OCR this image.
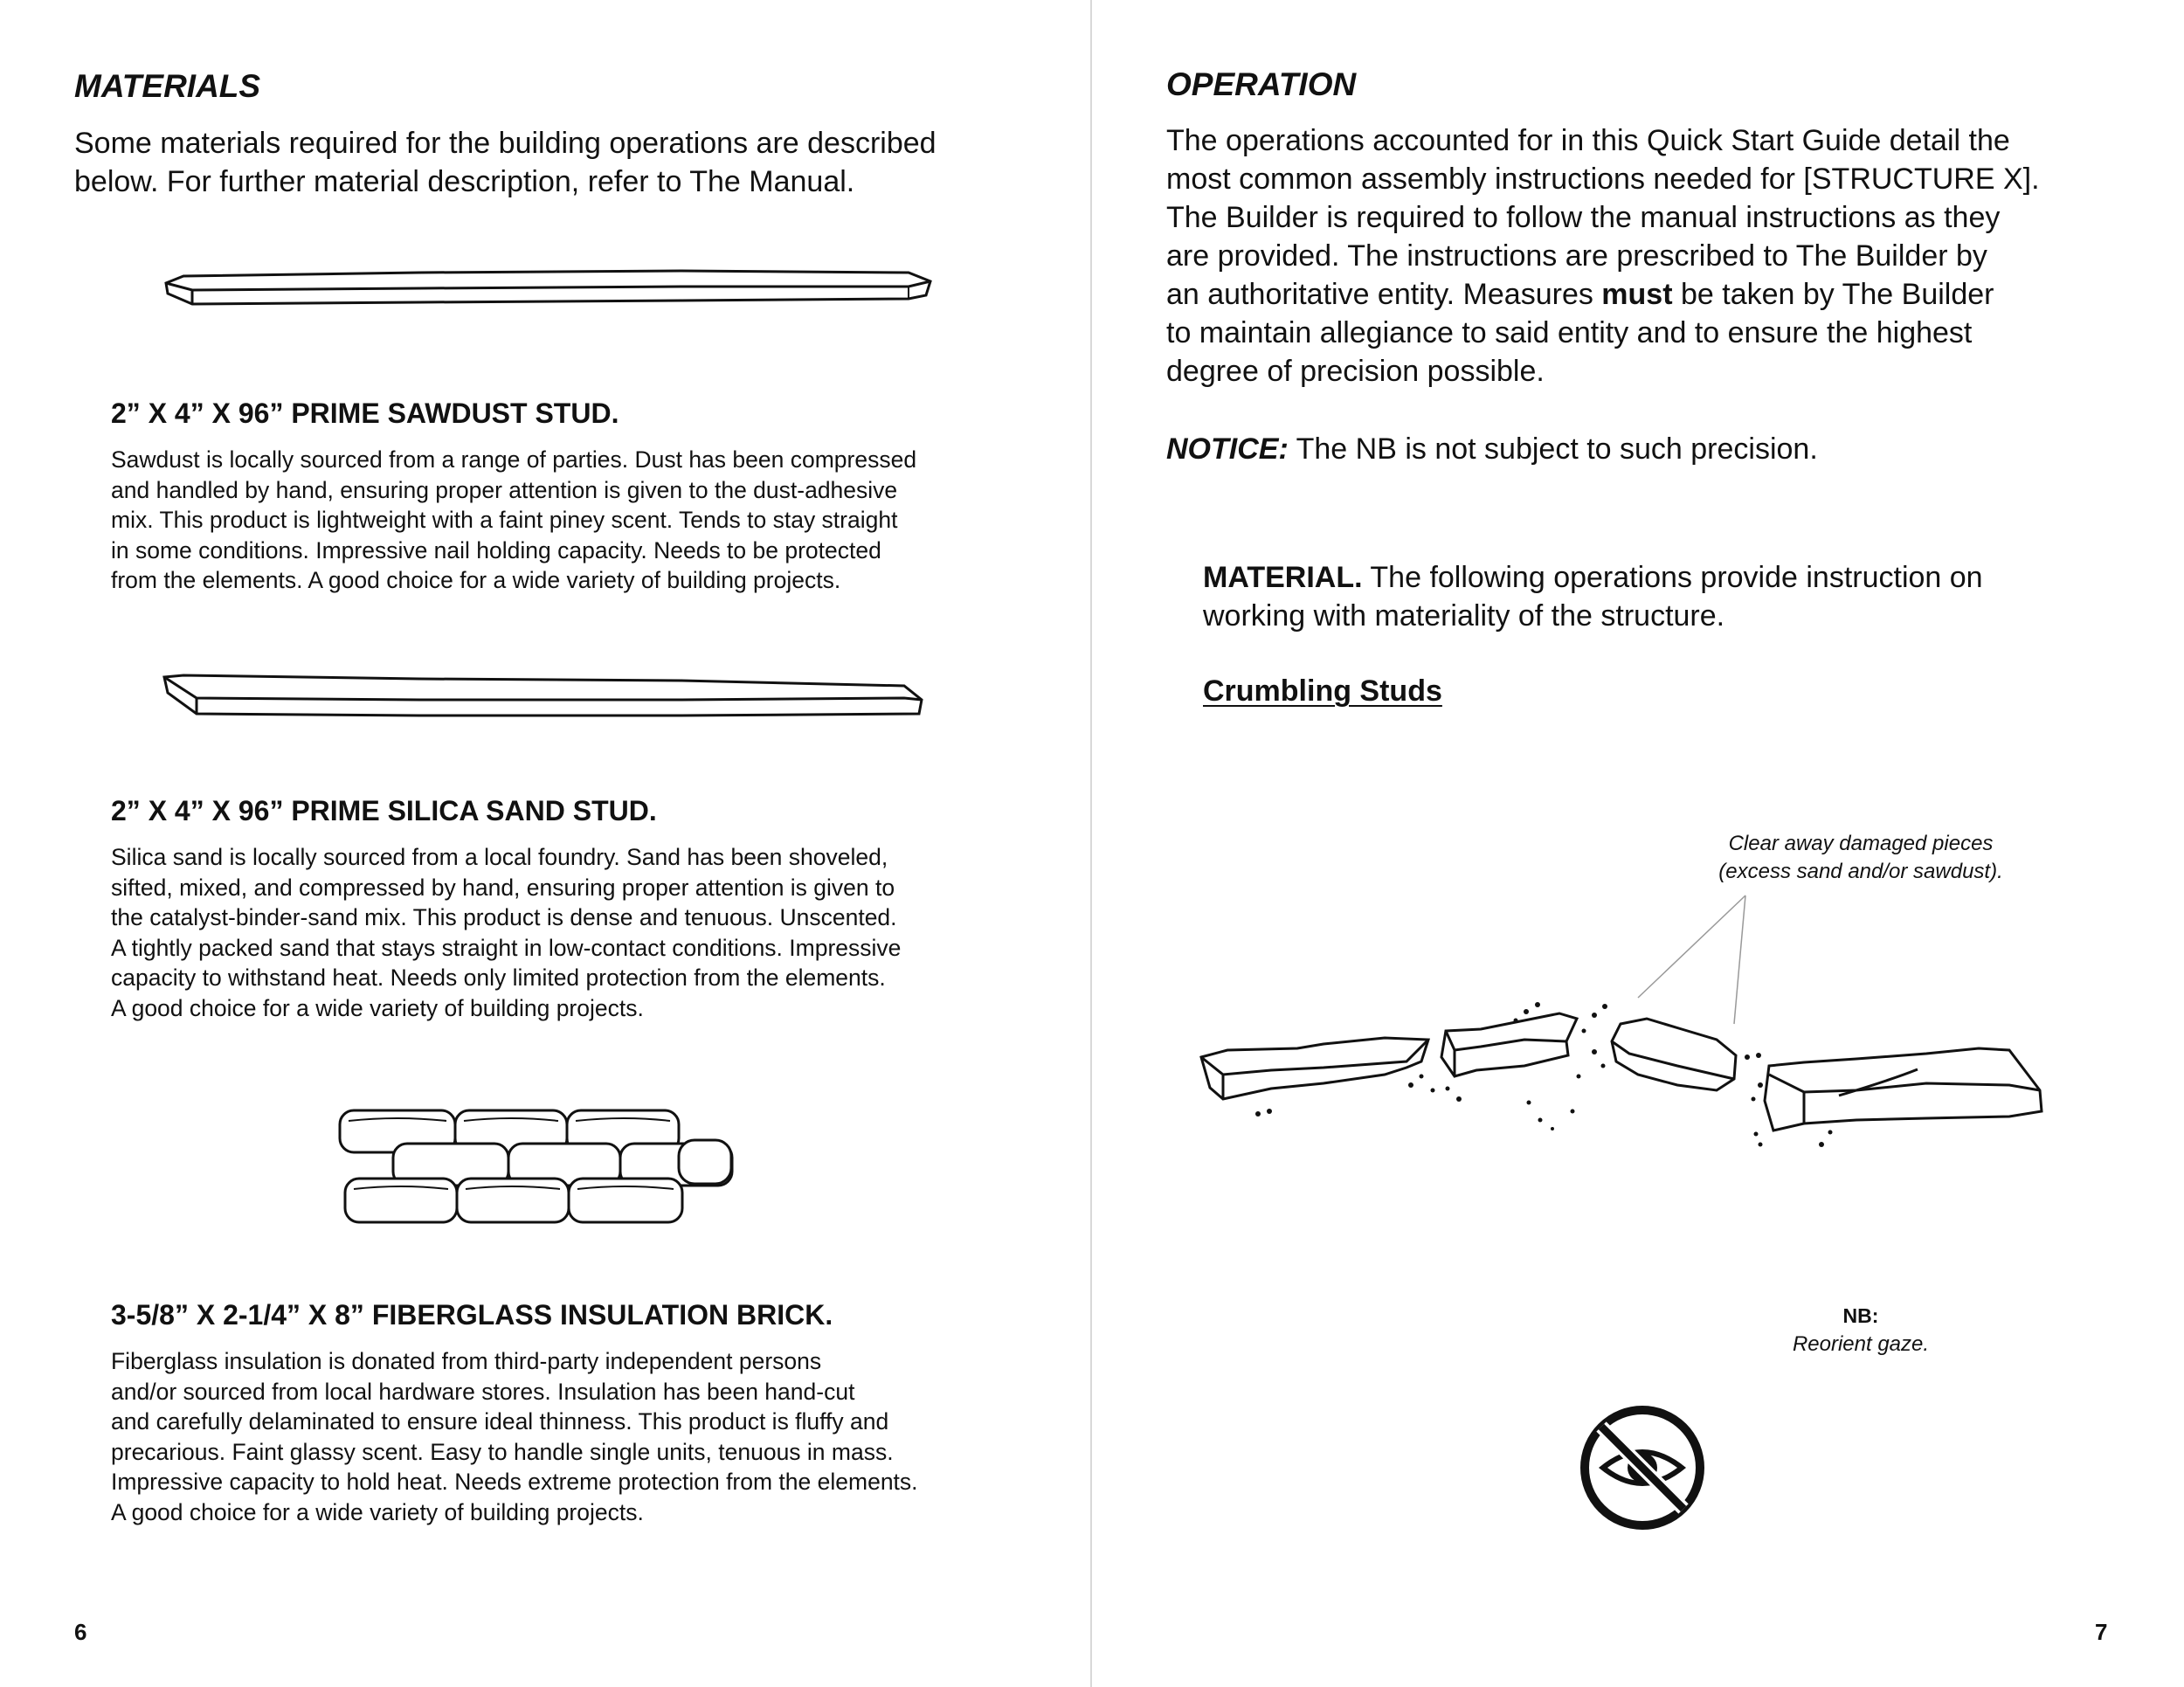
MATERIALS

Some materials required for the building operations are described
below. For further material description, refer to The Manual.

2” X 4” X 96” PRIME SAWDUST STUD.

Sawdust is locally sourced from a range of parties. Dust has been compressed
and handled by hand, ensuring proper attention is given to the dust-adhesive
mix. This product is lightweight with a faint piney scent. Tends to stay straight
in some conditions. Impressive nail holding capacity. Needs to be protected
from the elements. A good choice for a wide variety of building projects.

2” X 4” X 96” PRIME SILICA SAND STUD.

Silica sand is locally sourced from a local foundry. Sand has been shoveled,
sifted, mixed, and compressed by hand, ensuring proper attention is given to
the catalyst-binder-sand mix. This product is dense and tenuous. Unscented.
A tightly packed sand that stays straight in low-contact conditions. Impressive
capacity to withstand heat. Needs only limited protection from the elements.
A good choice for a wide variety of building projects.

3-5/8” X 2-1/4” X 8” FIBERGLASS INSULATION BRICK.

Fiberglass insulation is donated from third-party independent persons
and/or sourced from local hardware stores. Insulation has been hand-cut
and carefully delaminated to ensure ideal thinness. This product is fluffy and
precarious. Faint glassy scent. Easy to handle single units, tenuous in mass.
Impressive capacity to hold heat. Needs extreme protection from the elements.
A good choice for a wide variety of building projects.

6
OPERATION

The operations accounted for in this Quick Start Guide detail the
most common assembly instructions needed for [STRUCTURE X].
The Builder is required to follow the manual instructions as they
are provided. The instructions are prescribed to The Builder by
an authoritative entity. Measures must be taken by The Builder
to maintain allegiance to said entity and to ensure the highest
degree of precision possible.

NOTICE: The NB is not subject to such precision.

MATERIAL. The following operations provide instruction on
working with materiality of the structure.

Crumbling Studs
Clear away damaged pieces
(excess sand and/or sawdust).
NB:
Reorient gaze.
7
